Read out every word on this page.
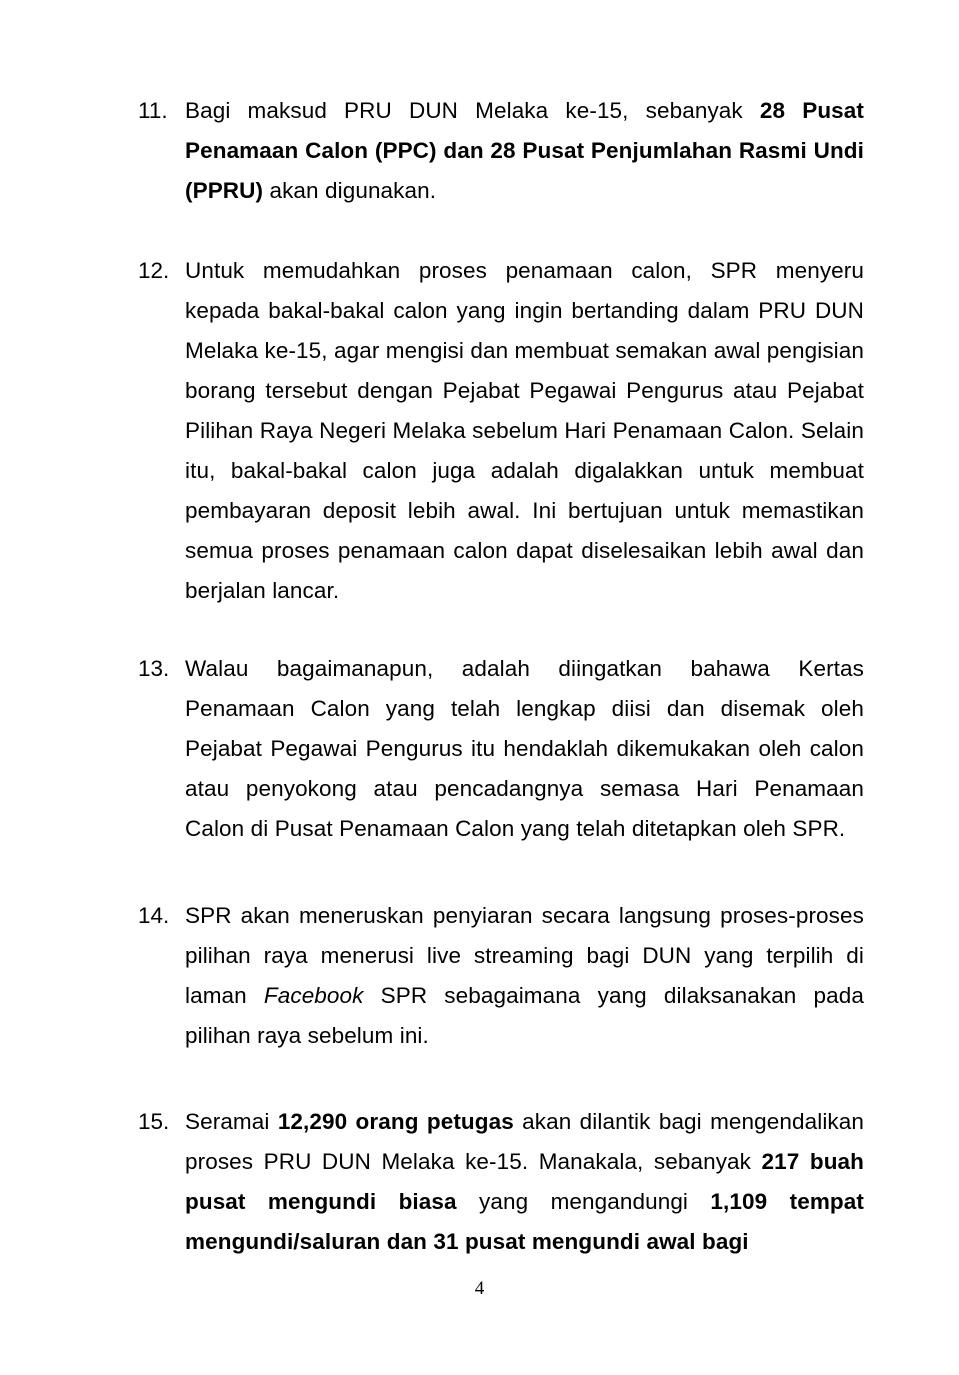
11. Bagi maksud PRU DUN Melaka ke-15, sebanyak 28 Pusat Penamaan Calon (PPC) dan 28 Pusat Penjumlahan Rasmi Undi (PPRU) akan digunakan.
12. Untuk memudahkan proses penamaan calon, SPR menyeru kepada bakal-bakal calon yang ingin bertanding dalam PRU DUN Melaka ke-15, agar mengisi dan membuat semakan awal pengisian borang tersebut dengan Pejabat Pegawai Pengurus atau Pejabat Pilihan Raya Negeri Melaka sebelum Hari Penamaan Calon. Selain itu, bakal-bakal calon juga adalah digalakkan untuk membuat pembayaran deposit lebih awal. Ini bertujuan untuk memastikan semua proses penamaan calon dapat diselesaikan lebih awal dan berjalan lancar.
13. Walau bagaimanapun, adalah diingatkan bahawa Kertas Penamaan Calon yang telah lengkap diisi dan disemak oleh Pejabat Pegawai Pengurus itu hendaklah dikemukakan oleh calon atau penyokong atau pencadangnya semasa Hari Penamaan Calon di Pusat Penamaan Calon yang telah ditetapkan oleh SPR.
14. SPR akan meneruskan penyiaran secara langsung proses-proses pilihan raya menerusi live streaming bagi DUN yang terpilih di laman Facebook SPR sebagaimana yang dilaksanakan pada pilihan raya sebelum ini.
15. Seramai 12,290 orang petugas akan dilantik bagi mengendalikan proses PRU DUN Melaka ke-15. Manakala, sebanyak 217 buah pusat mengundi biasa yang mengandungi 1,109 tempat mengundi/saluran dan 31 pusat mengundi awal bagi
4
